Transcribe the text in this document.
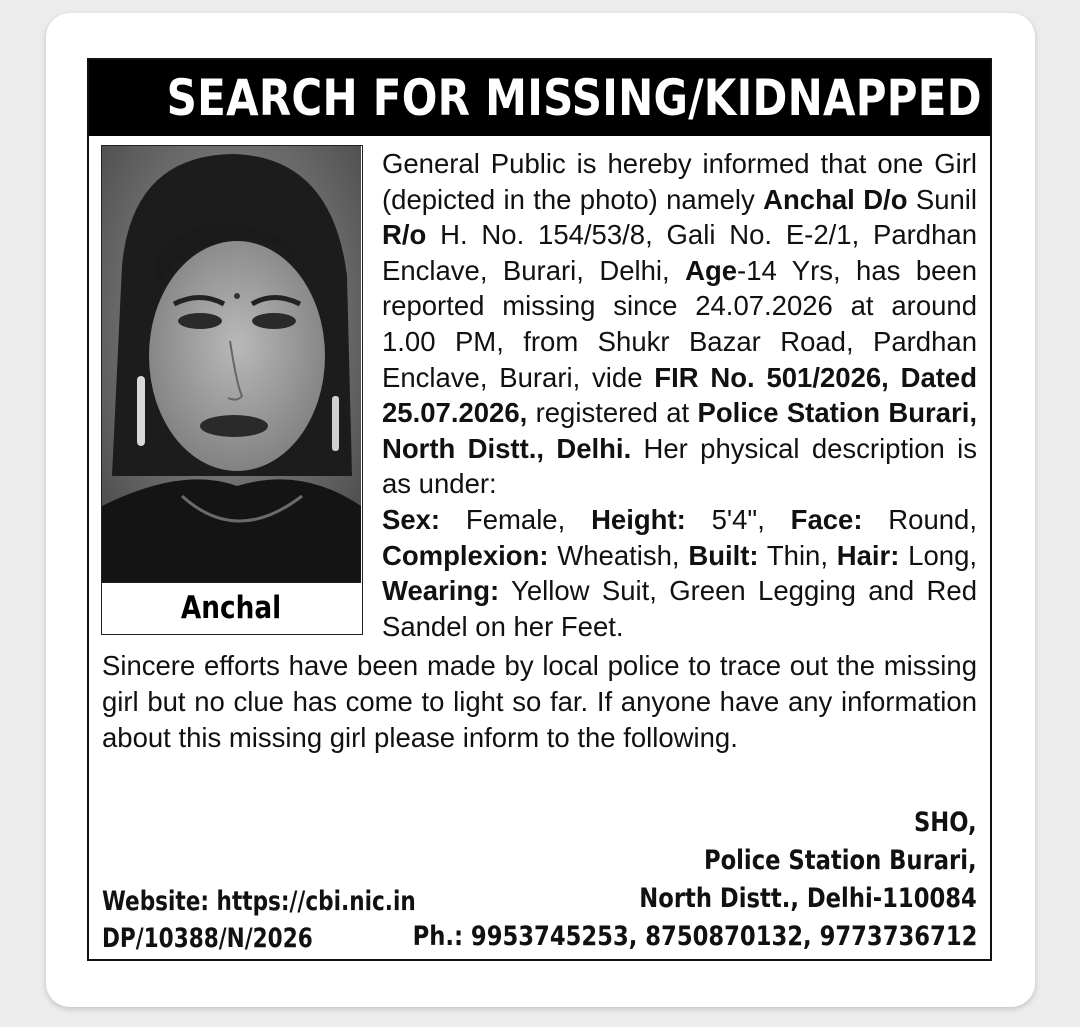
SEARCH FOR MISSING/KIDNAPPED
Anchal

General Public is hereby informed that one Girl (depicted in the photo) namely Anchal D/o Sunil R/o H. No. 154/53/8, Gali No. E-2/1, Pardhan Enclave, Burari, Delhi, Age-14 Yrs, has been reported missing since 24.07.2026 at around 1.00 PM, from Shukr Bazar Road, Pardhan Enclave, Burari, vide FIR No. 501/2026, Dated 25.07.2026, registered at Police Station Burari, North Distt., Delhi. Her physical description is as under:

Sex: Female, Height: 5'4", Face: Round, Complexion: Wheatish, Built: Thin, Hair: Long, Wearing: Yellow Suit, Green Legging and Red Sandel on her Feet.

Sincere efforts have been made by local police to trace out the missing girl but no clue has come to light so far. If anyone have any information about this missing girl please inform to the following.

SHO,
Police Station Burari,
North Distt., Delhi-110084
Website: https://cbi.nic.in
DP/10388/N/2026	Ph.: 9953745253, 8750870132, 9773736712
